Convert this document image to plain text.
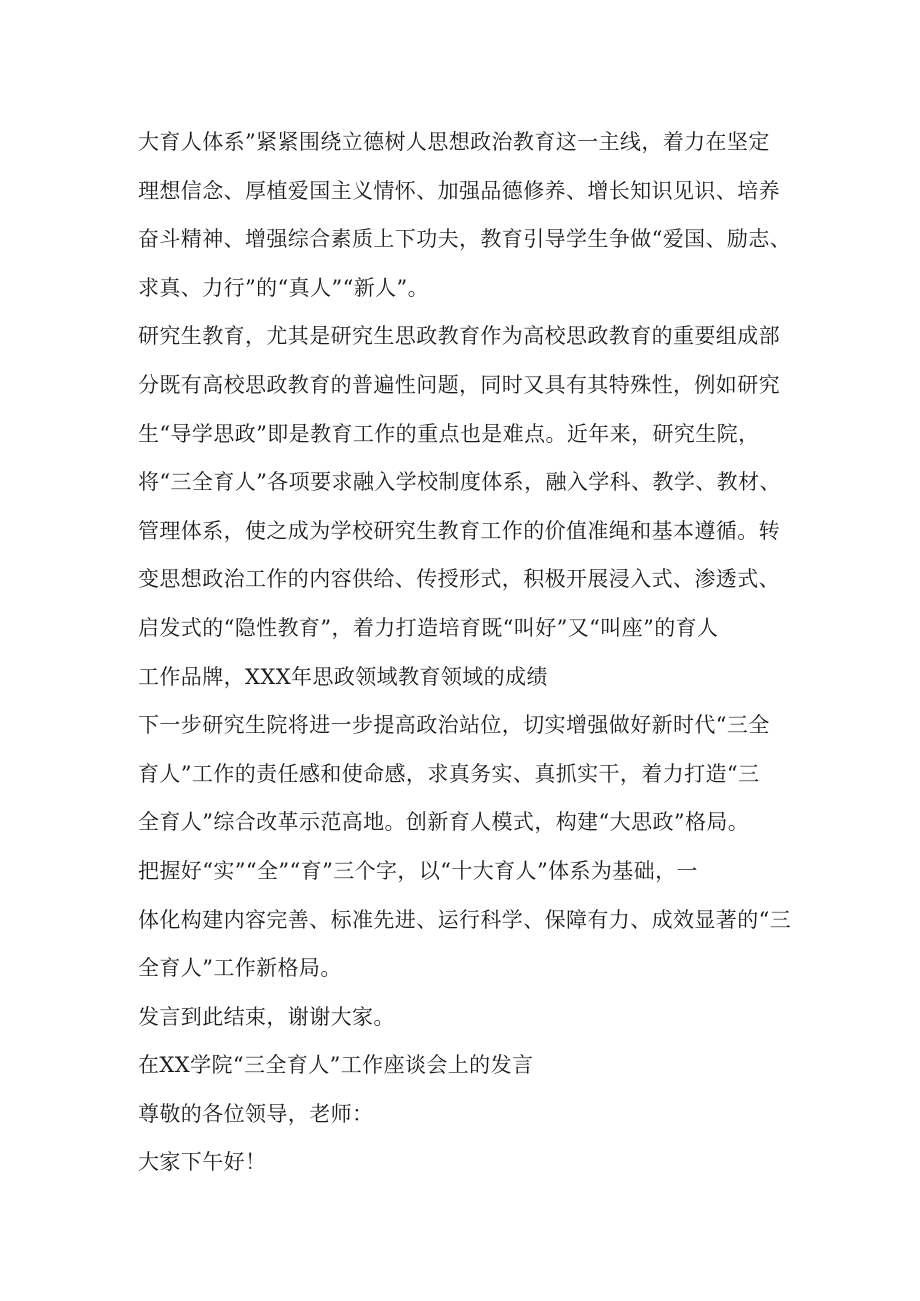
大育人体系”紧紧围绕立德树人思想政治教育这一主线，着力在坚定
理想信念、厚植爱国主义情怀、加强品德修养、增长知识见识、培养
奋斗精神、增强综合素质上下功夫，教育引导学生争做“爱国、励志、
求真、力行”的“真人”“新人”。
研究生教育，尤其是研究生思政教育作为高校思政教育的重要组成部
分既有高校思政教育的普遍性问题，同时又具有其特殊性，例如研究
生“导学思政”即是教育工作的重点也是难点。近年来，研究生院，
将“三全育人”各项要求融入学校制度体系，融入学科、教学、教材、
管理体系，使之成为学校研究生教育工作的价值准绳和基本遵循。转
变思想政治工作的内容供给、传授形式，积极开展浸入式、渗透式、
启发式的“隐性教育”，着力打造培育既“叫好”又“叫座”的育人
工作品牌，XXX年思政领域教育领域的成绩
下一步研究生院将进一步提高政治站位，切实增强做好新时代“三全
育人”工作的责任感和使命感，求真务实、真抓实干，着力打造“三
全育人”综合改革示范高地。创新育人模式，构建“大思政”格局。
把握好“实”“全”“育”三个字，以“十大育人”体系为基础，一
体化构建内容完善、标准先进、运行科学、保障有力、成效显著的“三
全育人”工作新格局。
发言到此结束，谢谢大家。
在XX学院“三全育人”工作座谈会上的发言
尊敬的各位领导，老师：
大家下午好！
